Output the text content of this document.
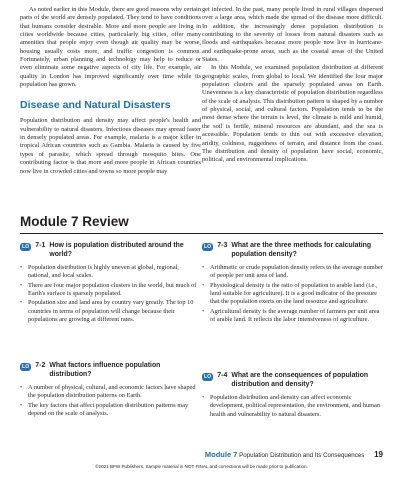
As noted earlier in this Module, there are good reasons why certain parts of the world are densely populated. They tend to have conditions that humans consider desirable. More and more people are living in cities worldwide because cities, particularly big cities, offer many amenities that people enjoy even though air quality may be worse, housing usually costs more, and traffic congestion is common. Fortunately, urban planning and technology may help to reduce or even eliminate some negative aspects of city life. For example, air quality in London has improved significantly over time while its population has grown.

Disease and Natural Disasters

Population distribution and density may affect people's health and vulnerability to natural disasters. Infectious diseases may spread faster in densely populated areas. For example, malaria is a major killer in tropical African countries such as Gambia. Malaria is caused by five types of parasite, which spread through mosquito bites. One contributing factor is that more and more people in African countries now live in crowded cities and towns so more people may

get infected. In the past, many people lived in rural villages dispersed over a large area, which made the spread of the disease more difficult. In addition, the increasingly dense population distribution is contributing to the severity of losses from natural disasters such as floods and earthquakes because more people now live in hurricane- and earthquake-prone areas, such as the coastal areas of the United States.

In this Module, we examined population distribution at different geographic scales, from global to local. We identified the four major population clusters and the sparsely populated areas on Earth. Unevenness is a key characteristic of population distribution regardless of the scale of analysis. This distribution pattern is shaped by a number of physical, social, and cultural factors. Population tends to be the most dense where the terrain is level, the climate is mild and humid, the soil is fertile, mineral resources are abundant, and the sea is accessible. Population tends to thin out with excessive elevation, aridity, coldness, ruggedness of terrain, and distance from the coast. The distribution and density of population have social, economic, political, and environmental implications.

Module 7 Review
LO 7-1 How is population distributed around the world?
• Population distribution is highly uneven at global, regional, national, and local scales.
• There are four major population clusters in the world, but much of Earth's surface is sparsely populated.
• Population size and land area by country vary greatly. The top 10 countries in terms of population will change because their populations are growing at different rates.
LO 7-2 What factors influence population distribution?
• A number of physical, cultural, and economic factors have shaped the population distribution patterns on Earth.
• The key factors that affect population distribution patterns may depend on the scale of analysis.
LO 7-3 What are the three methods for calculating population density?
• Arithmetic or crude population density refers to the average number of people per unit area of land.
• Physiological density is the ratio of population to arable land (i.e., land suitable for agriculture). It is a good indicator of the pressure that the population exerts on the land resource and agriculture.
• Agricultural density is the average number of farmers per unit area of arable land. It reflects the labor intensiveness of agriculture.
LO 7-4 What are the consequences of population distribution and density?
• Population distribution and density can affect economic development, political representation, the environment, and human health and vulnerability to natural disasters.
Module 7 Population Distribution and Its Consequences 19
©2021 BFW Publishers. Sample material is NOT FINAL and corrections will be made prior to publication.
